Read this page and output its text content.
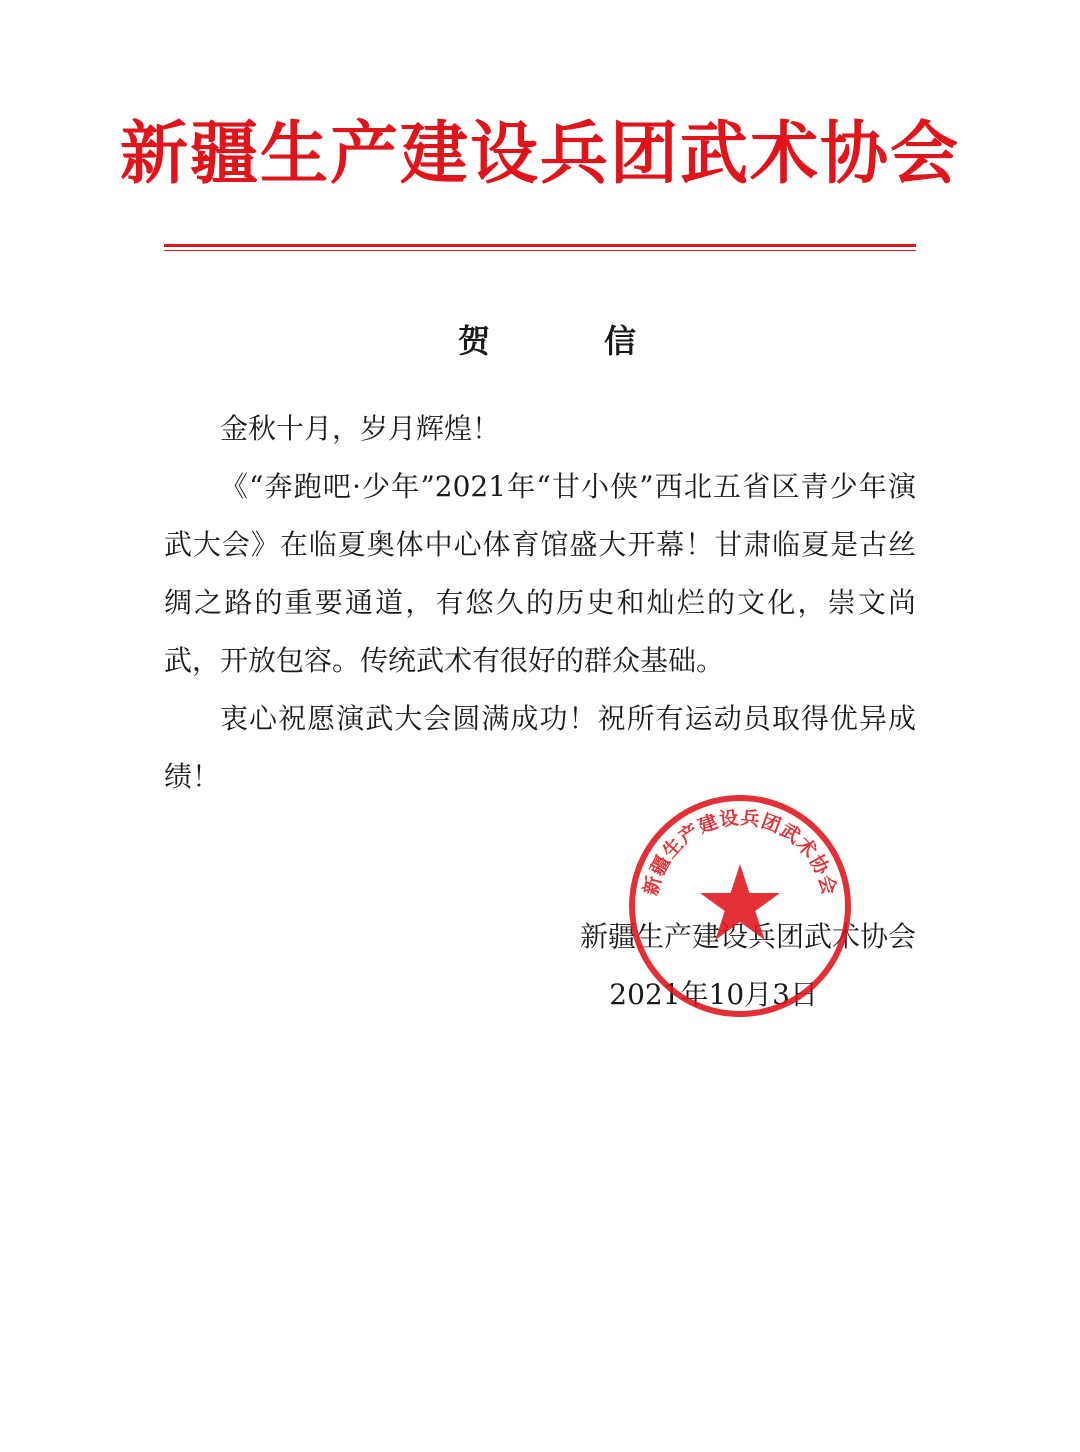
新疆生产建设兵团武术协会
贺	信

金秋十月，岁月辉煌！

《“奔跑吧·少年”2021年“甘小侠”西北五省区青少年演武大会》在临夏奥体中心体育馆盛大开幕！甘肃临夏是古丝绸之路的重要通道，有悠久的历史和灿烂的文化，崇文尚武，开放包容。传统武术有很好的群众基础。

衷心祝愿演武大会圆满成功！祝所有运动员取得优异成绩！

新疆生产建设兵团武术协会
2021年10月3日
新疆生产建设兵团武术协会
